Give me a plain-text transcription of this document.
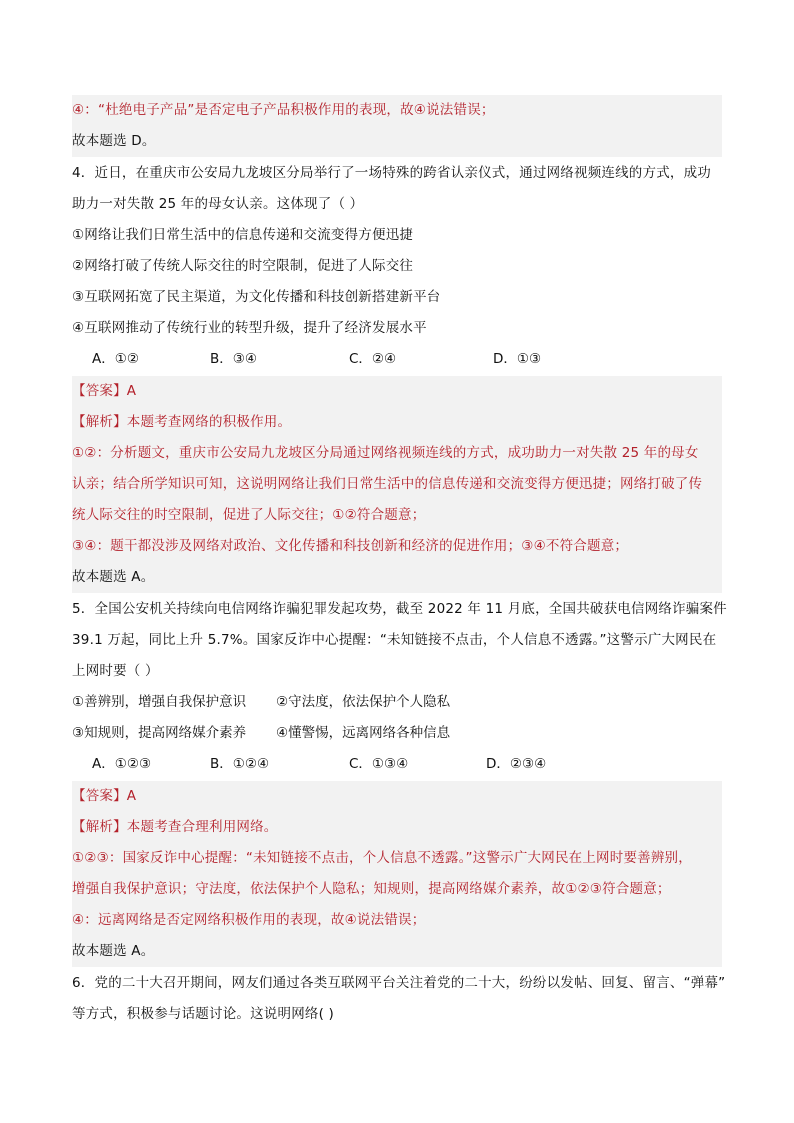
④：“杜绝电子产品”是否定电子产品积极作用的表现，故④说法错误；
故本题选 D。
4．近日，在重庆市公安局九龙坡区分局举行了一场特殊的跨省认亲仪式，通过网络视频连线的方式，成功
助力一对失散 25 年的母女认亲。这体现了（ ）
①网络让我们日常生活中的信息传递和交流变得方便迅捷
②网络打破了传统人际交往的时空限制，促进了人际交往
③互联网拓宽了民主渠道，为文化传播和科技创新搭建新平台
④互联网推动了传统行业的转型升级，提升了经济发展水平
A．①②	B．③④	C．②④	D．①③
【答案】A
【解析】本题考查网络的积极作用。
①②：分析题文，重庆市公安局九龙坡区分局通过网络视频连线的方式，成功助力一对失散 25 年的母女
认亲；结合所学知识可知，这说明网络让我们日常生活中的信息传递和交流变得方便迅捷；网络打破了传
统人际交往的时空限制，促进了人际交往；①②符合题意；
③④：题干都没涉及网络对政治、文化传播和科技创新和经济的促进作用；③④不符合题意；
故本题选 A。
5．全国公安机关持续向电信网络诈骗犯罪发起攻势，截至 2022 年 11 月底，全国共破获电信网络诈骗案件
39.1 万起，同比上升 5.7%。国家反诈中心提醒：“未知链接不点击，个人信息不透露。”这警示广大网民在
上网时要（ ）
①善辨别，增强自我保护意识 ②守法度，依法保护个人隐私
③知规则，提高网络媒介素养 ④懂警惕，远离网络各种信息
A．①②③	B．①②④	C．①③④	D．②③④
【答案】A
【解析】本题考查合理利用网络。
①②③：国家反诈中心提醒：“未知链接不点击，个人信息不透露。”这警示广大网民在上网时要善辨别，
增强自我保护意识；守法度，依法保护个人隐私；知规则，提高网络媒介素养，故①②③符合题意；
④：远离网络是否定网络积极作用的表现，故④说法错误；
故本题选 A。
6．党的二十大召开期间，网友们通过各类互联网平台关注着党的二十大，纷纷以发帖、回复、留言、“弹幕”
等方式，积极参与话题讨论。这说明网络( )
